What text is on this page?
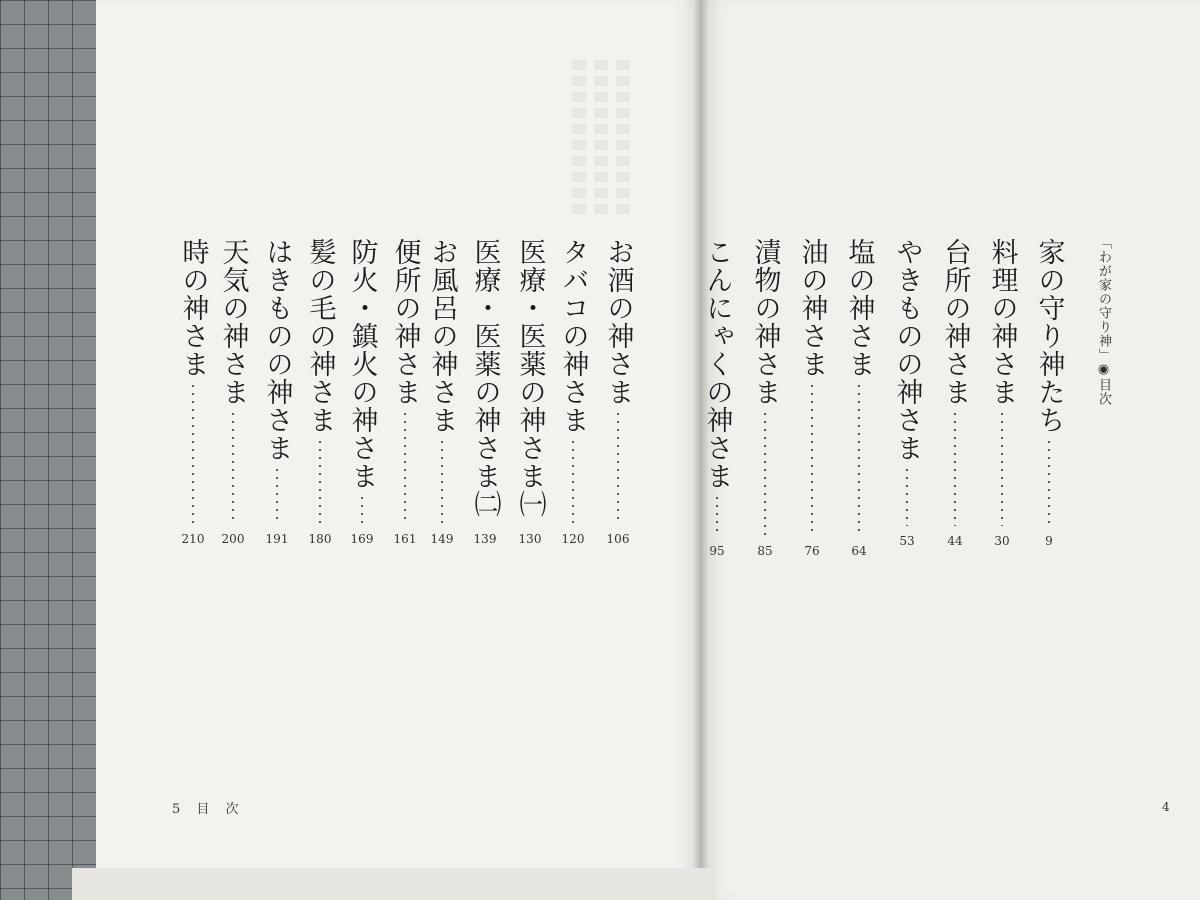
「わが家の守り神」◉目次
家の守り神たち
9
料理の神さま
30
台所の神さま
44
やきものの神さま
53
塩の神さま
64
油の神さま
76
漬物の神さま
85
こんにゃくの神さま
95
お酒の神さま
106
タバコの神さま
120
医療・医薬の神さま㈠
130
医療・医薬の神さま㈡
139
お風呂の神さま
149
便所の神さま
161
防火・鎮火の神さま
169
髪の毛の神さま
180
はきものの神さま
191
天気の神さま
200
時の神さま
210
5 目 次	4
